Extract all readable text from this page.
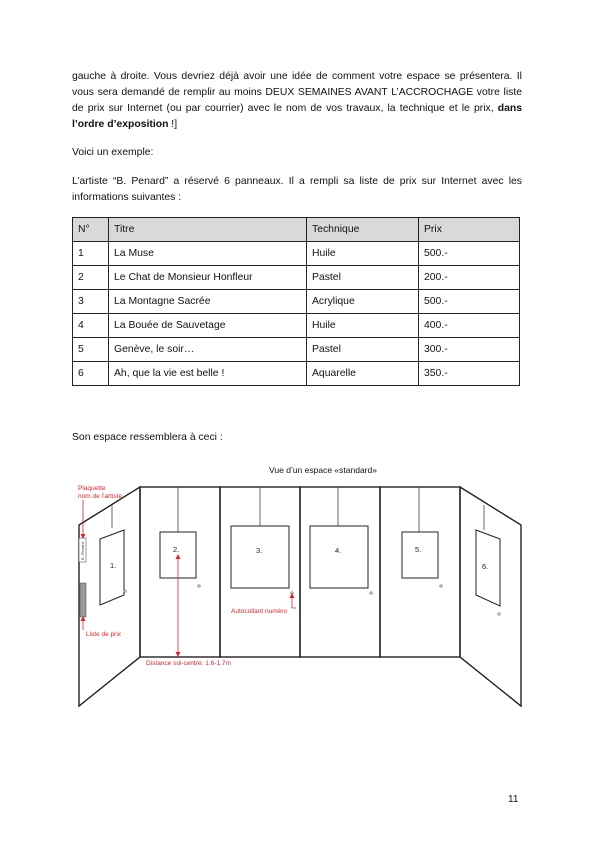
gauche à droite. Vous devriez déjà avoir une idée de comment votre espace se présentera. Il vous sera demandé de remplir au moins DEUX SEMAINES AVANT L’ACCROCHAGE votre liste de prix sur Internet (ou par courrier) avec le nom de vos travaux, la technique et le prix, dans l’ordre d’exposition !]

Voici un exemple:

L’artiste “B. Penard” a réservé 6 panneaux. Il a rempli sa liste de prix sur Internet avec les informations suivantes :

N°	Titre	Technique	Prix
1	La Muse	Huile	500.-
2	Le Chat de Monsieur Honfleur	Pastel	200.-
3	La Montagne Sacrée	Acrylique	500.-
4	La Bouée de Sauvetage	Huile	400.-
5	Genève, le soir…	Pastel	300.-
6	Ah, que la vie est belle !	Aquarelle	350.-

Son espace ressemblera à ceci :

Vue d’un espace «standard»
1.
2.	3.	4.	5.
6.
B. Penard
Plaquette
nom de l’artiste
Liste de prix
Autocollant numéro
Distance sol-centre: 1.6-1.7m
11
